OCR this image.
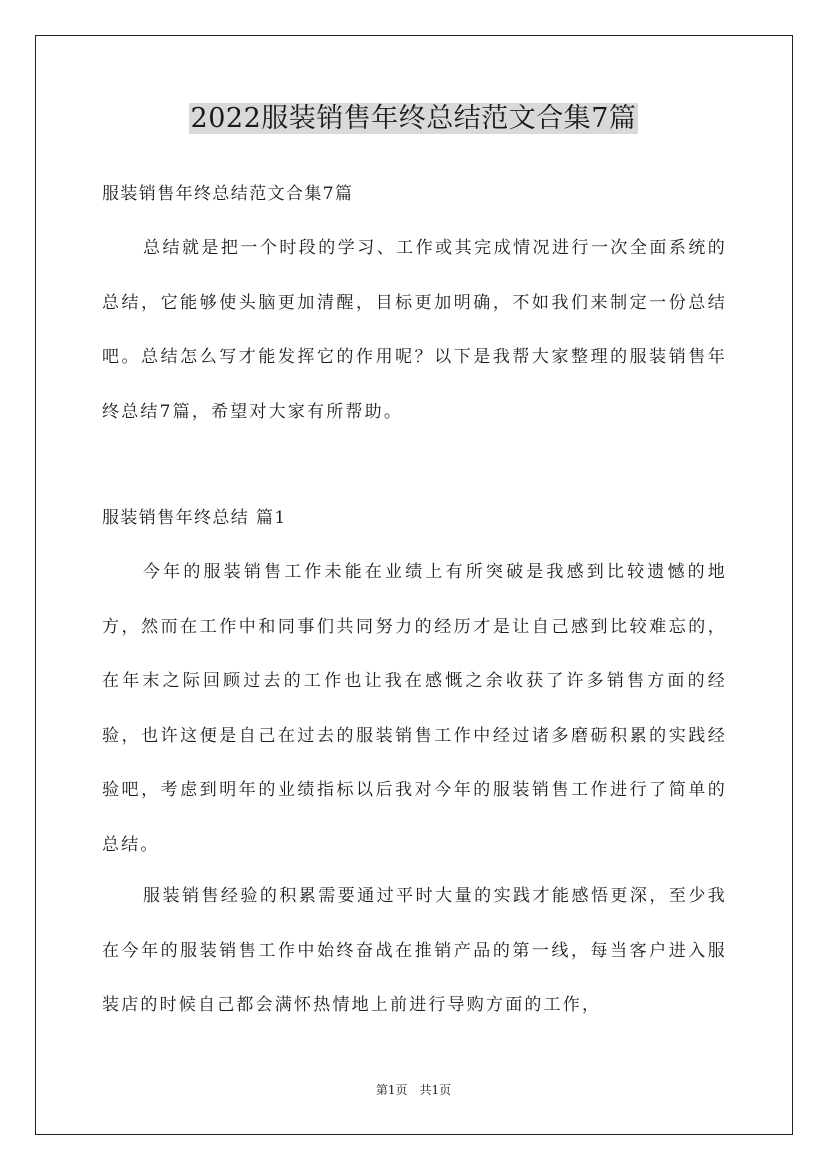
2022服装销售年终总结范文合集7篇
服装销售年终总结范文合集7篇

总结就是把一个时段的学习、工作或其完成情况进行一次全面系统的总结，它能够使头脑更加清醒，目标更加明确，不如我们来制定一份总结吧。总结怎么写才能发挥它的作用呢？以下是我帮大家整理的服装销售年终总结7篇，希望对大家有所帮助。

服装销售年终总结 篇1

今年的服装销售工作未能在业绩上有所突破是我感到比较遗憾的地方，然而在工作中和同事们共同努力的经历才是让自己感到比较难忘的，在年末之际回顾过去的工作也让我在感慨之余收获了许多销售方面的经验，也许这便是自己在过去的服装销售工作中经过诸多磨砺积累的实践经验吧，考虑到明年的业绩指标以后我对今年的服装销售工作进行了简单的总结。

服装销售经验的积累需要通过平时大量的实践才能感悟更深，至少我在今年的服装销售工作中始终奋战在推销产品的第一线，每当客户进入服装店的时候自己都会满怀热情地上前进行导购方面的工作，

第1页　共1页
